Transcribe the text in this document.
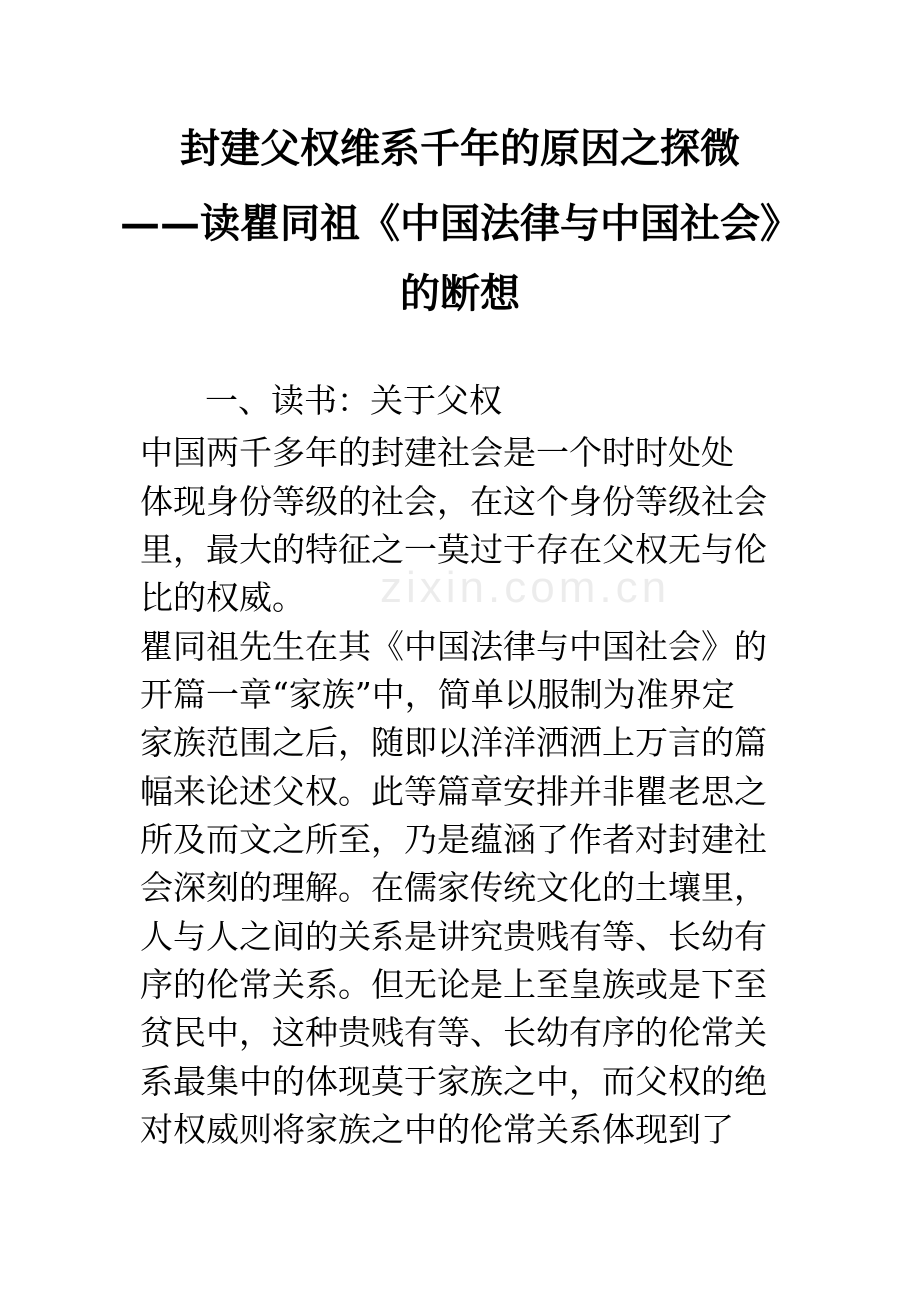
zixin.com.cn
封建父权维系千年的原因之探微
——读瞿同祖《中国法律与中国社会》
的断想
一、读书：关于父权
中国两千多年的封建社会是一个时时处处
体现身份等级的社会，在这个身份等级社会
里，最大的特征之一莫过于存在父权无与伦
比的权威。
瞿同祖先生在其《中国法律与中国社会》的
开篇一章“家族”中，简单以服制为准界定
家族范围之后，随即以洋洋洒洒上万言的篇
幅来论述父权。此等篇章安排并非瞿老思之
所及而文之所至，乃是蕴涵了作者对封建社
会深刻的理解。在儒家传统文化的土壤里，
人与人之间的关系是讲究贵贱有等、长幼有
序的伦常关系。但无论是上至皇族或是下至
贫民中，这种贵贱有等、长幼有序的伦常关
系最集中的体现莫于家族之中，而父权的绝
对权威则将家族之中的伦常关系体现到了
